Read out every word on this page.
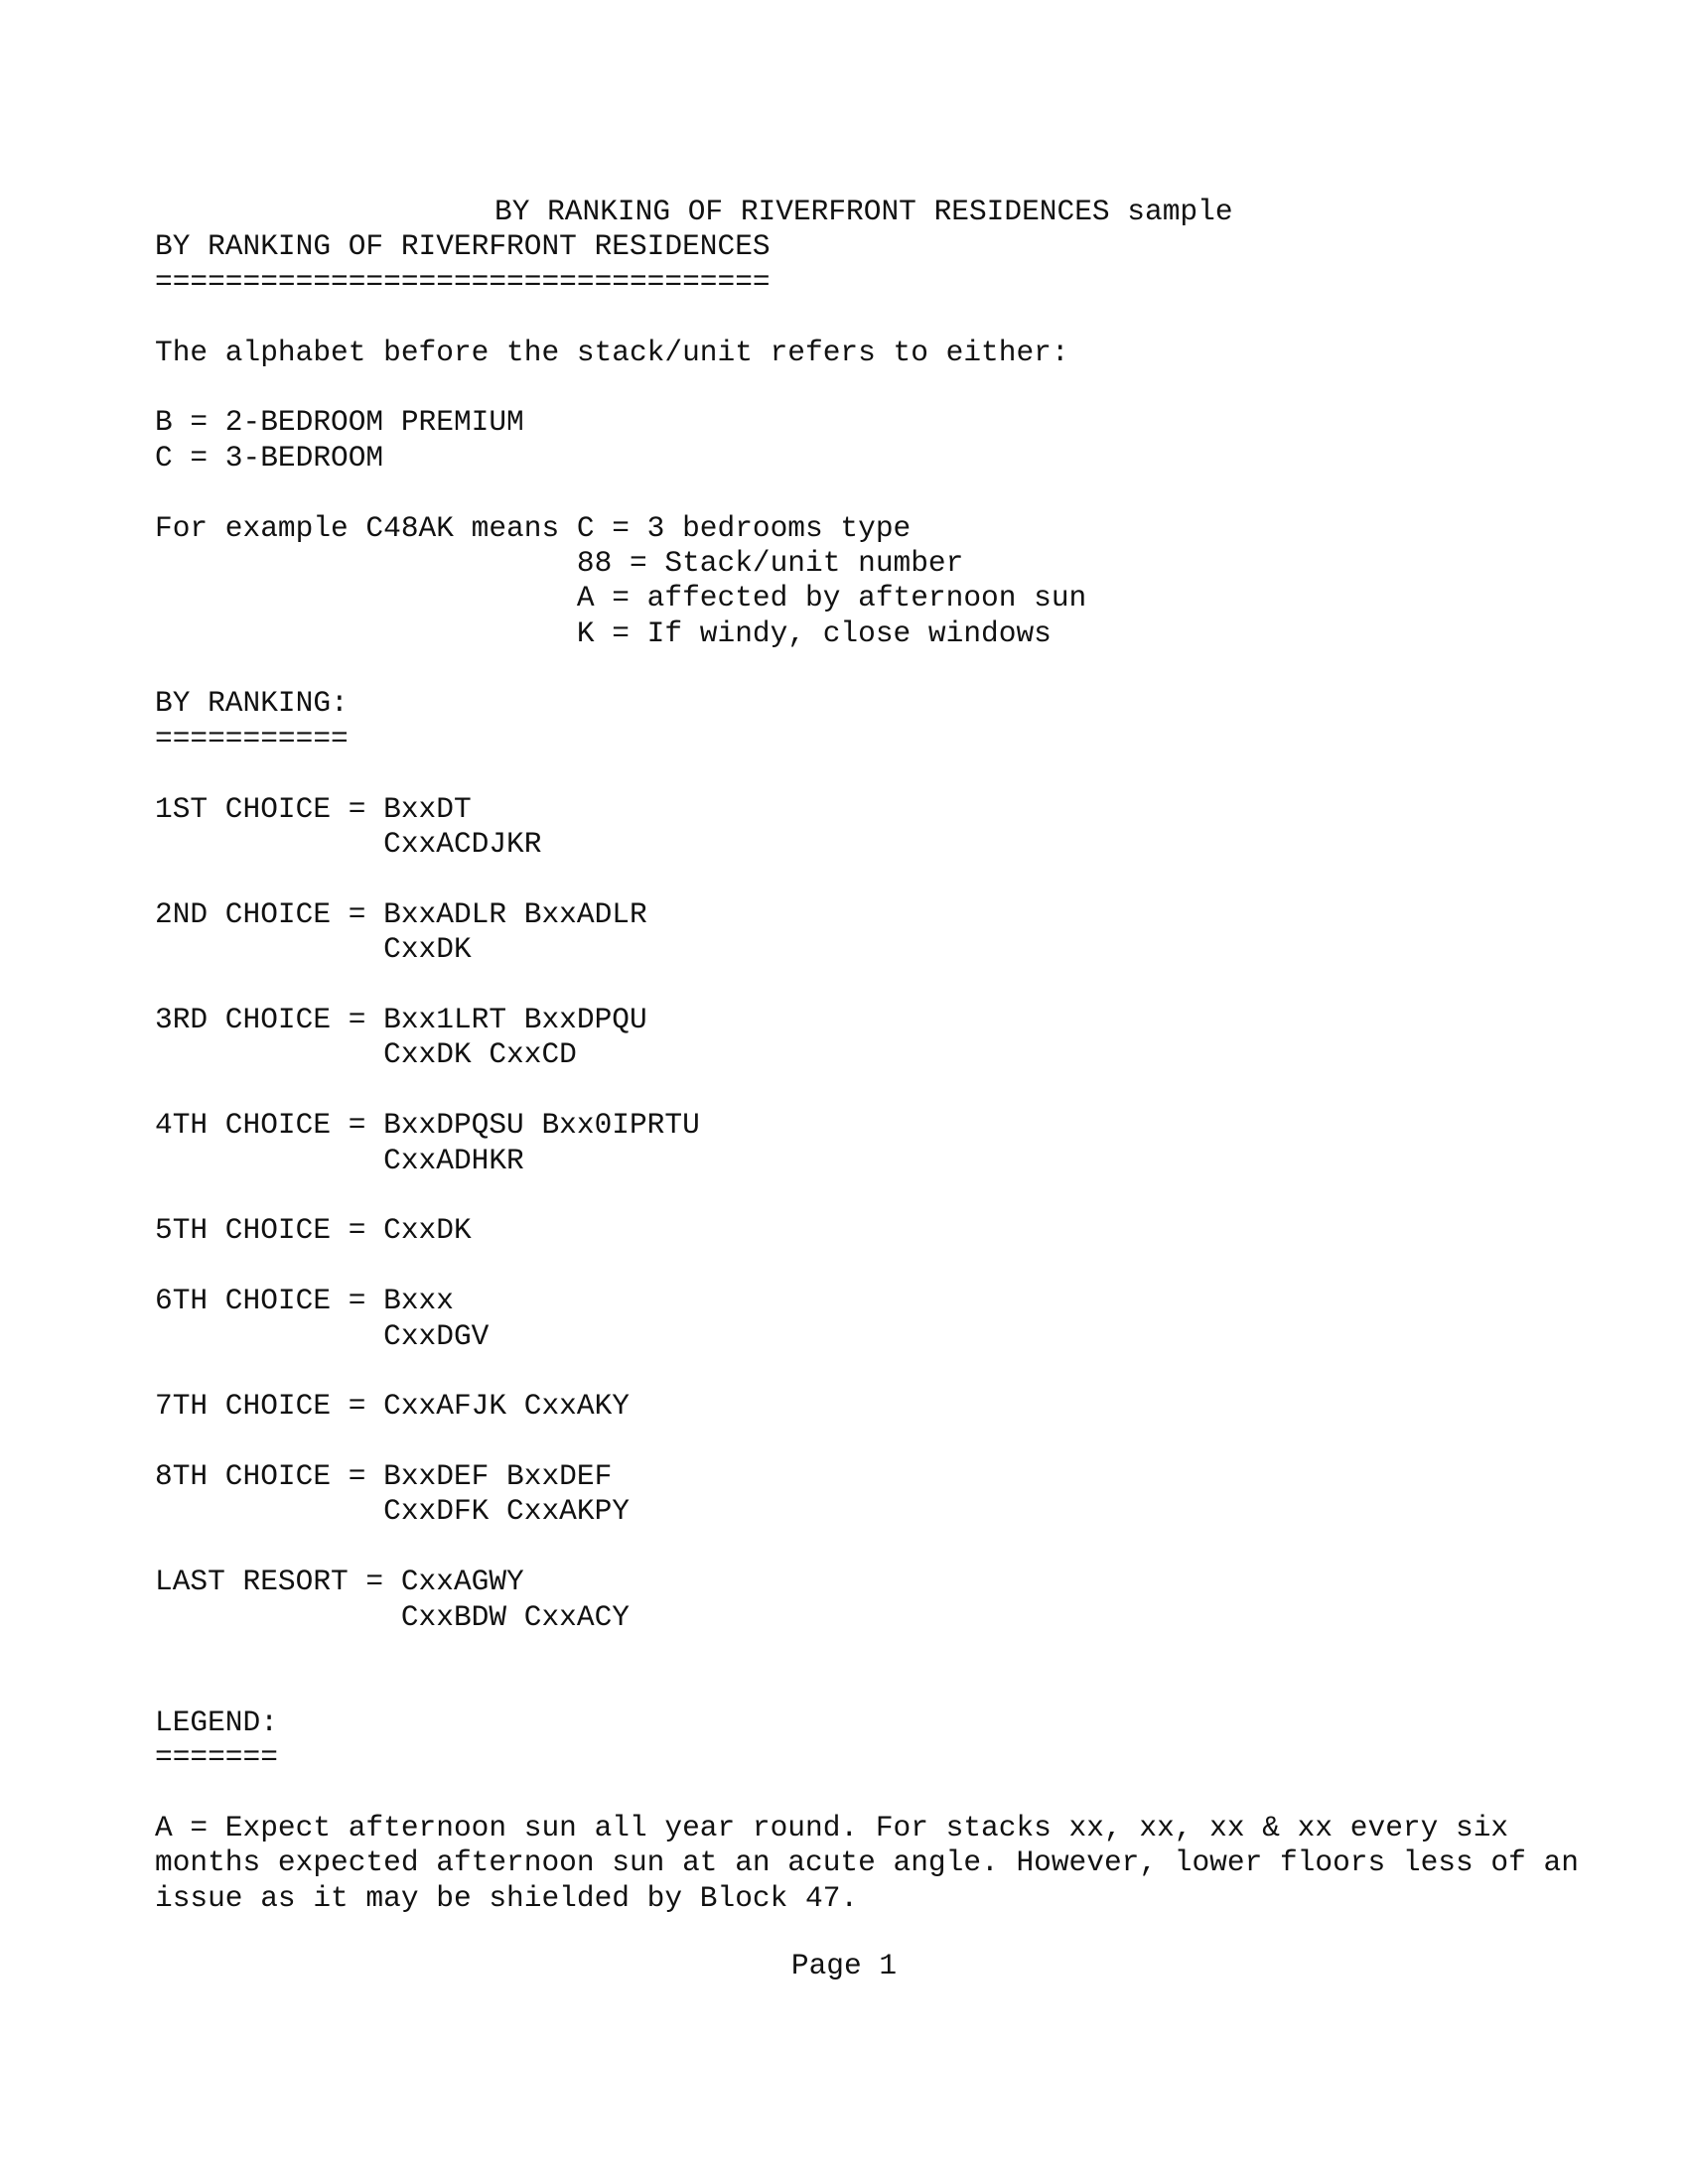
BY RANKING OF RIVERFRONT RESIDENCES sample
BY RANKING OF RIVERFRONT RESIDENCES
===================================
The alphabet before the stack/unit refers to either:
B = 2-BEDROOM PREMIUM
C = 3-BEDROOM
For example C48AK means C = 3 bedrooms type
88 = Stack/unit number
A = affected by afternoon sun
K = If windy, close windows
BY RANKING:
===========
1ST CHOICE = BxxDT
CxxACDJKR
2ND CHOICE = BxxADLR BxxADLR
CxxDK
3RD CHOICE = Bxx1LRT BxxDPQU
CxxDK CxxCD
4TH CHOICE = BxxDPQSU Bxx0IPRTU
CxxADHKR
5TH CHOICE = CxxDK
6TH CHOICE = Bxxx
CxxDGV
7TH CHOICE = CxxAFJK CxxAKY
8TH CHOICE = BxxDEF BxxDEF
CxxDFK CxxAKPY
LAST RESORT = CxxAGWY
CxxBDW CxxACY
LEGEND:
=======
A = Expect afternoon sun all year round. For stacks xx, xx, xx & xx every six
months expected afternoon sun at an acute angle. However, lower floors less of an
issue as it may be shielded by Block 47.
Page 1
